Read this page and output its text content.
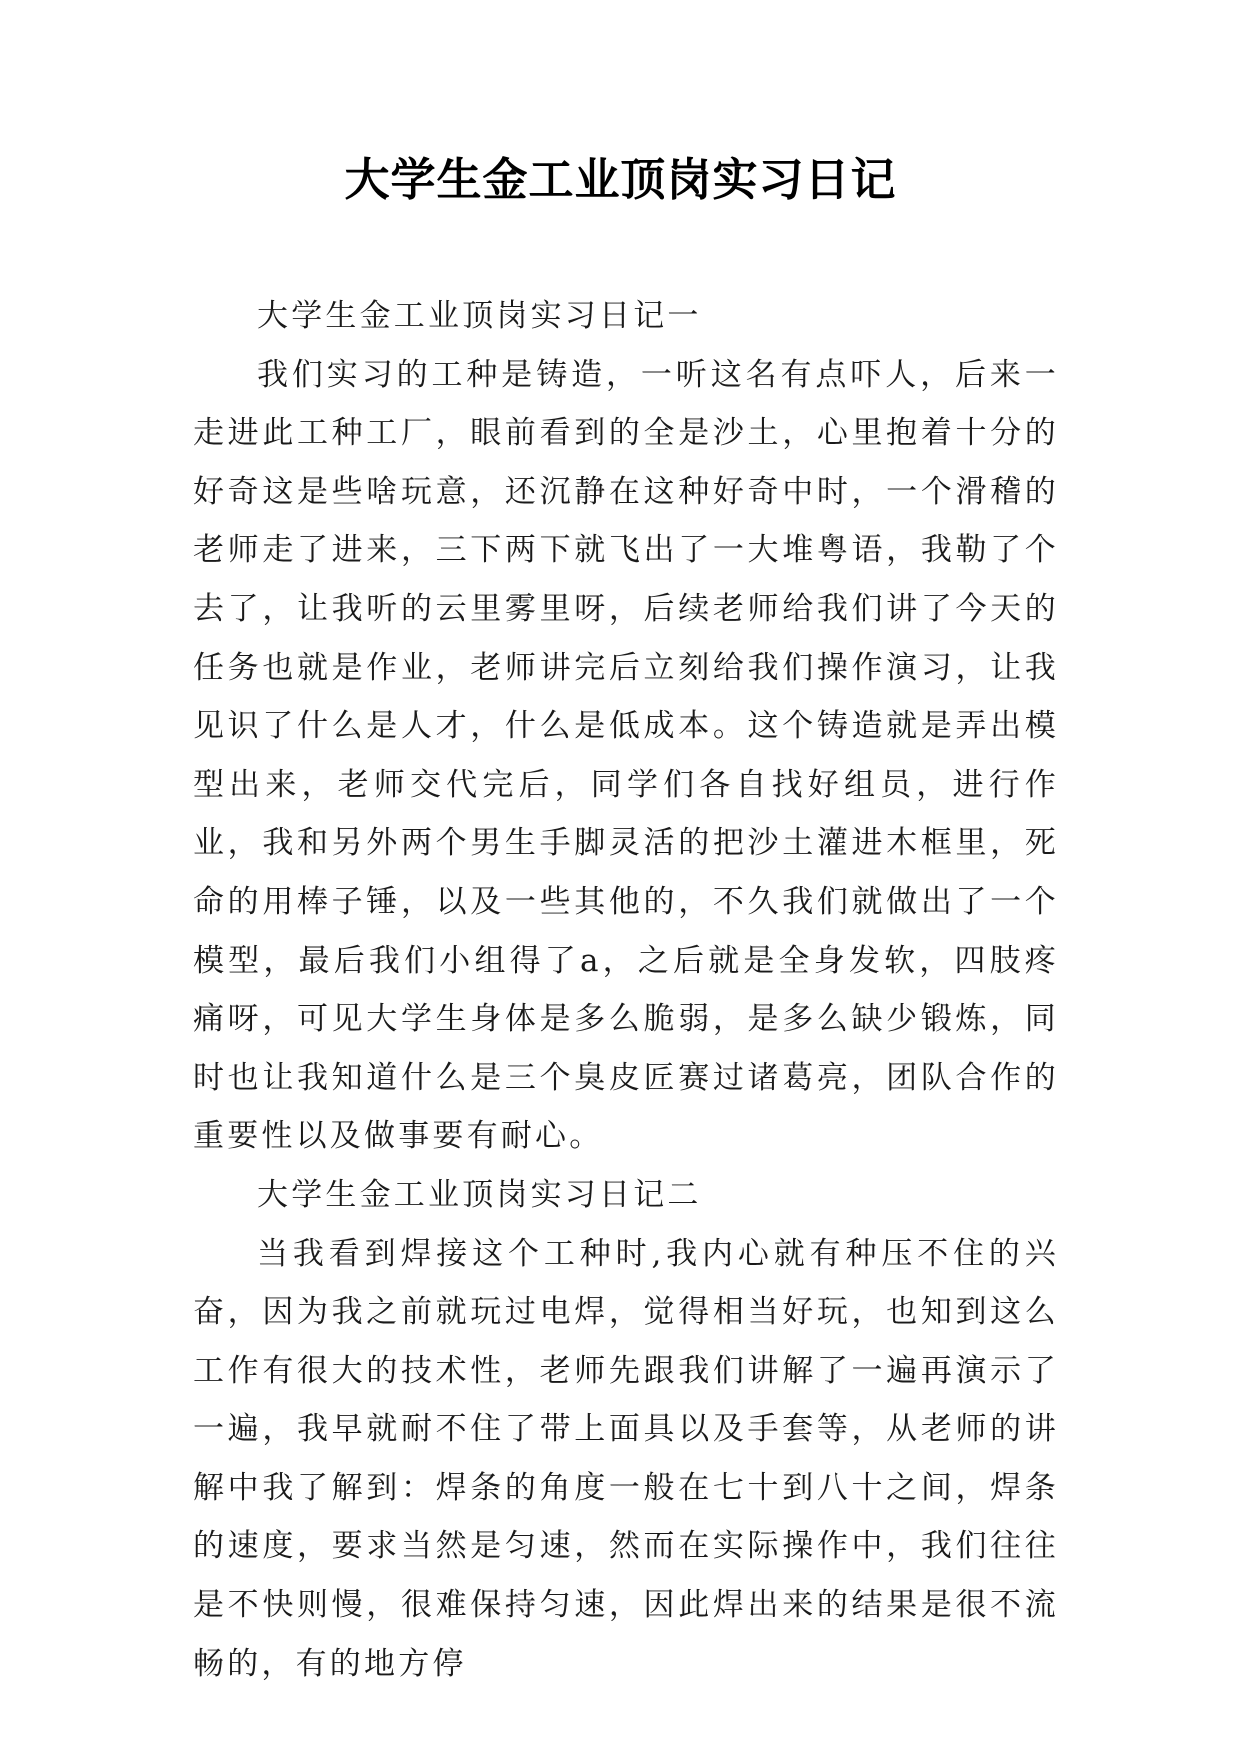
大学生金工业顶岗实习日记

大学生金工业顶岗实习日记一

我们实习的工种是铸造，一听这名有点吓人，后来一走进此工种工厂，眼前看到的全是沙土，心里抱着十分的好奇这是些啥玩意，还沉静在这种好奇中时，一个滑稽的老师走了进来，三下两下就飞出了一大堆粤语，我勒了个去了，让我听的云里雾里呀，后续老师给我们讲了今天的任务也就是作业，老师讲完后立刻给我们操作演习，让我见识了什么是人才，什么是低成本。这个铸造就是弄出模型出来，老师交代完后，同学们各自找好组员，进行作业，我和另外两个男生手脚灵活的把沙土灌进木框里，死命的用棒子锤，以及一些其他的，不久我们就做出了一个模型，最后我们小组得了a，之后就是全身发软，四肢疼痛呀，可见大学生身体是多么脆弱，是多么缺少锻炼，同时也让我知道什么是三个臭皮匠赛过诸葛亮，团队合作的重要性以及做事要有耐心。

大学生金工业顶岗实习日记二

当我看到焊接这个工种时,我内心就有种压不住的兴奋，因为我之前就玩过电焊，觉得相当好玩，也知到这么工作有很大的技术性，老师先跟我们讲解了一遍再演示了一遍，我早就耐不住了带上面具以及手套等，从老师的讲解中我了解到：焊条的角度一般在七十到八十之间，焊条的速度，要求当然是匀速，然而在实际操作中，我们往往是不快则慢，很难保持匀速，因此焊出来的结果是很不流畅的，有的地方停
